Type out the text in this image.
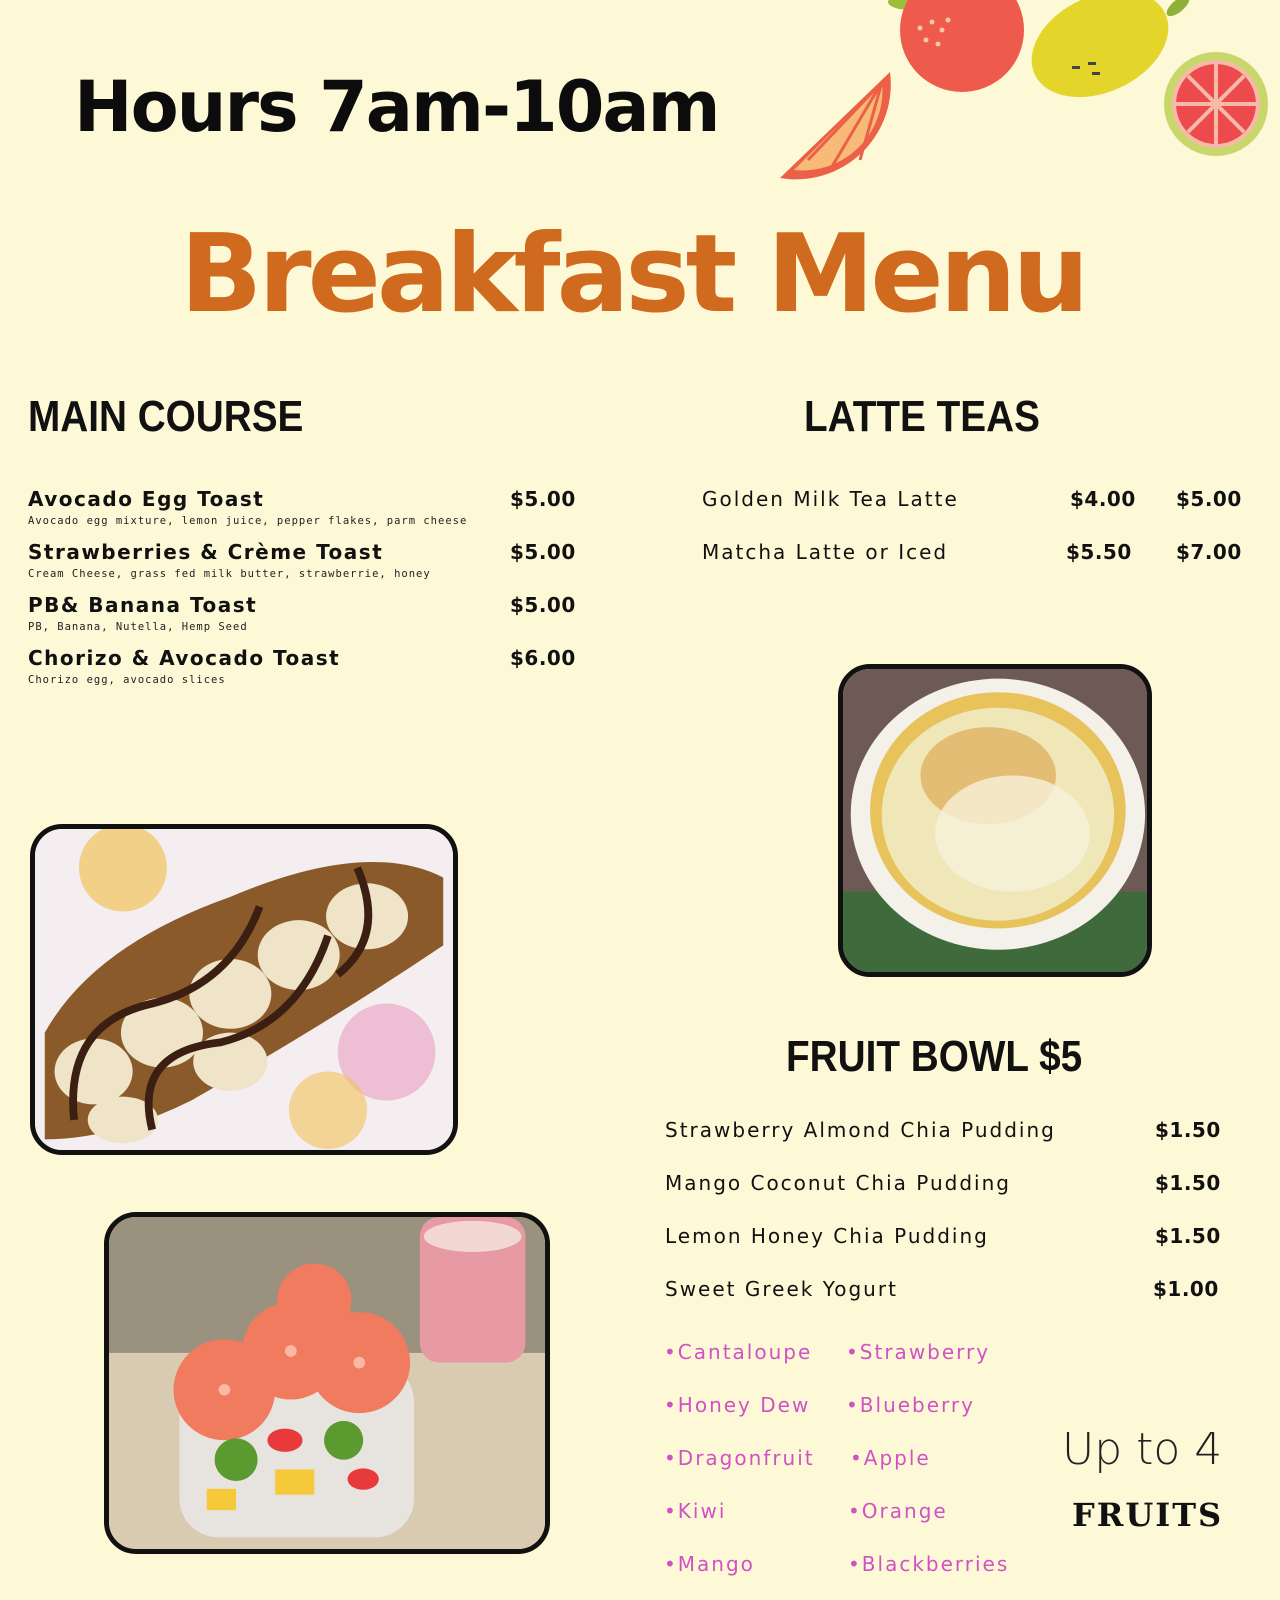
Hours 7am-10am
Breakfast Menu
MAIN COURSE
Avocado Egg Toast	$5.00
Avocado egg mixture, lemon juice, pepper flakes, parm cheese
Strawberries & Crème Toast	$5.00
Cream Cheese, grass fed milk butter, strawberrie, honey
PB& Banana Toast	$5.00
PB, Banana, Nutella, Hemp Seed
Chorizo & Avocado Toast	$6.00
Chorizo egg, avocado slices
LATTE TEAS
Golden Milk Tea Latte	$4.00 $5.00
Matcha Latte or Iced	$5.50 $7.00
FRUIT BOWL $5
Strawberry Almond Chia Pudding	$1.50
Mango Coconut Chia Pudding	$1.50
Lemon Honey Chia Pudding	$1.50
Sweet Greek Yogurt	$1.00
•Cantaloupe
•Honey Dew
•Dragonfruit
•Kiwi
•Mango
•Strawberry
•Blueberry
•Apple
•Orange
•Blackberries
Up to 4
FRUITS
